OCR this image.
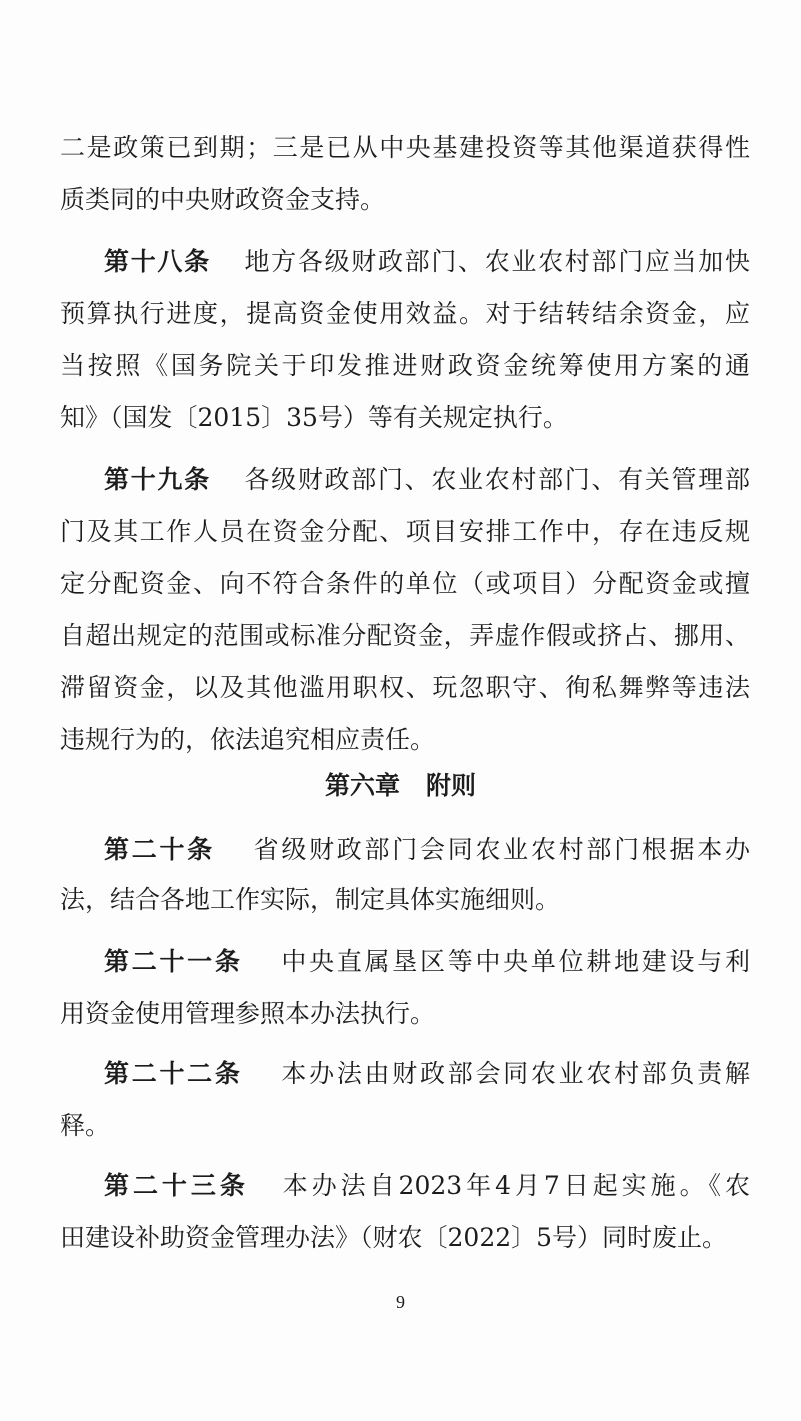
二是政策已到期；三是已从中央基建投资等其他渠道获得性
质类同的中央财政资金支持。
第十八条 地方各级财政部门、农业农村部门应当加快
预算执行进度，提高资金使用效益。对于结转结余资金，应
当按照《国务院关于印发推进财政资金统筹使用方案的通
知》（国发〔2015〕35号）等有关规定执行。
第十九条 各级财政部门、农业农村部门、有关管理部
门及其工作人员在资金分配、项目安排工作中，存在违反规
定分配资金、向不符合条件的单位（或项目）分配资金或擅
自超出规定的范围或标准分配资金，弄虚作假或挤占、挪用、
滞留资金，以及其他滥用职权、玩忽职守、徇私舞弊等违法
违规行为的，依法追究相应责任。
第六章 附则
第二十条 省级财政部门会同农业农村部门根据本办
法，结合各地工作实际，制定具体实施细则。
第二十一条 中央直属垦区等中央单位耕地建设与利
用资金使用管理参照本办法执行。
第二十二条 本办法由财政部会同农业农村部负责解
释。
第二十三条 本办法自2023年4月7日起实施。《农
田建设补助资金管理办法》（财农〔2022〕5号）同时废止。
9
